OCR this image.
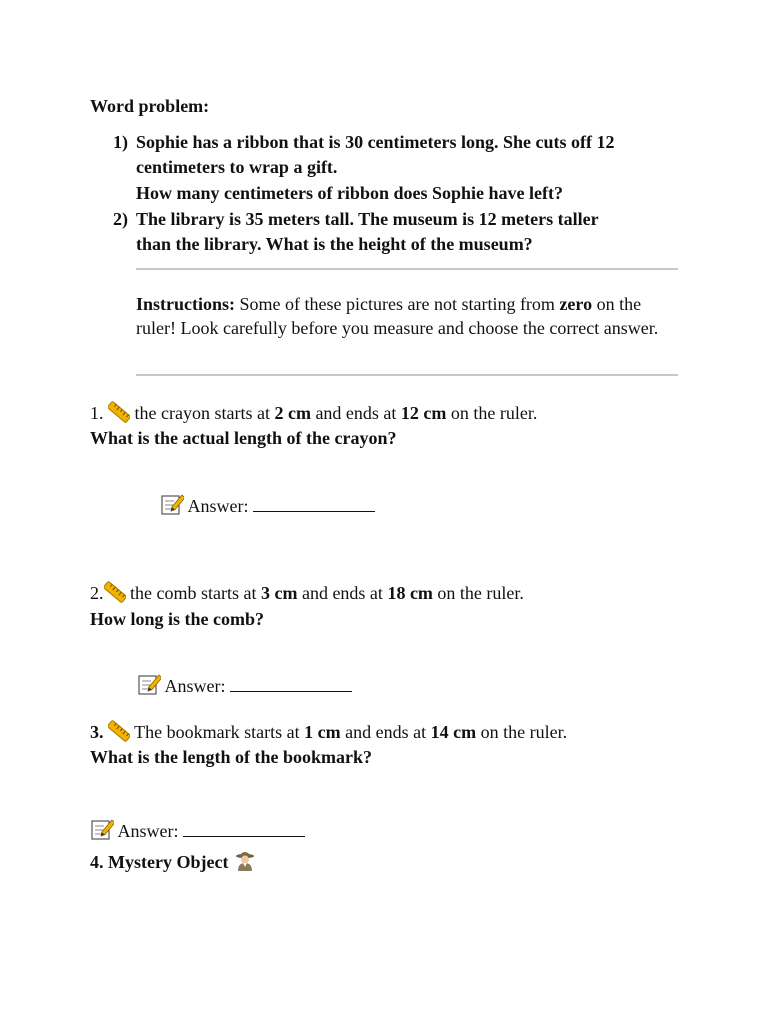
Word problem:
1) Sophie has a ribbon that is 30 centimeters long. She cuts off 12
centimeters to wrap a gift.
How many centimeters of ribbon does Sophie have left?
2) The library is 35 meters tall. The museum is 12 meters taller
than the library. What is the height of the museum?
Instructions: Some of these pictures are not starting from zero on the ruler! Look carefully before you measure and choose the correct answer.
1.  the crayon starts at 2 cm and ends at 12 cm on the ruler.
What is the actual length of the crayon?
Answer:
2. the comb starts at 3 cm and ends at 18 cm on the ruler.
How long is the comb?
Answer:
3.  The bookmark starts at 1 cm and ends at 14 cm on the ruler.
What is the length of the bookmark?
Answer:
4. Mystery Object
